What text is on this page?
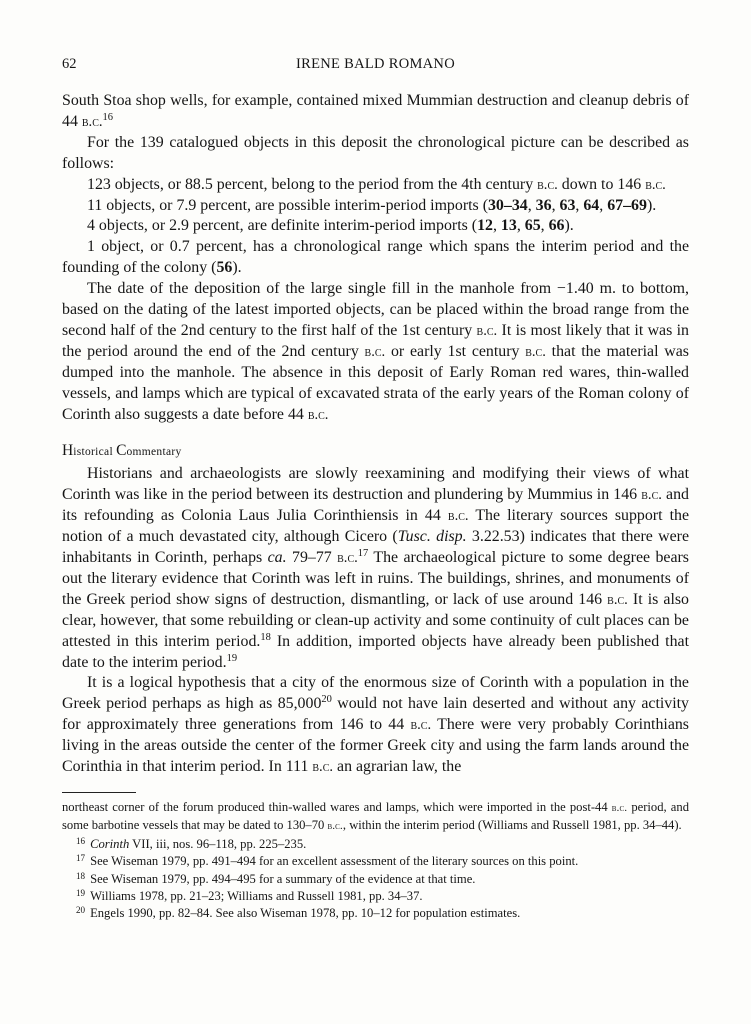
62	IRENE BALD ROMANO

South Stoa shop wells, for example, contained mixed Mummian destruction and cleanup debris of 44 b.c.$^{16}$

For the 139 catalogued objects in this deposit the chronological picture can be described as follows:

123 objects, or 88.5 percent, belong to the period from the 4th century b.c. down to 146 b.c.

11 objects, or 7.9 percent, are possible interim-period imports (30–34, 36, 63, 64, 67–69).

4 objects, or 2.9 percent, are definite interim-period imports (12, 13, 65, 66).

1 object, or 0.7 percent, has a chronological range which spans the interim period and the founding of the colony (56).

The date of the deposition of the large single fill in the manhole from −1.40 m. to bottom, based on the dating of the latest imported objects, can be placed within the broad range from the second half of the 2nd century to the first half of the 1st century b.c. It is most likely that it was in the period around the end of the 2nd century b.c. or early 1st century b.c. that the material was dumped into the manhole. The absence in this deposit of Early Roman red wares, thin-walled vessels, and lamps which are typical of excavated strata of the early years of the Roman colony of Corinth also suggests a date before 44 b.c.

Historical Commentary

Historians and archaeologists are slowly reexamining and modifying their views of what Corinth was like in the period between its destruction and plundering by Mummius in 146 b.c. and its refounding as Colonia Laus Julia Corinthiensis in 44 b.c. The literary sources support the notion of a much devastated city, although Cicero (Tusc. disp. 3.22.53) indicates that there were inhabitants in Corinth, perhaps ca. 79–77 b.c.$^{17}$ The archaeological picture to some degree bears out the literary evidence that Corinth was left in ruins. The buildings, shrines, and monuments of the Greek period show signs of destruction, dismantling, or lack of use around 146 b.c. It is also clear, however, that some rebuilding or clean-up activity and some continuity of cult places can be attested in this interim period.$^{18}$ In addition, imported objects have already been published that date to the interim period.$^{19}$

It is a logical hypothesis that a city of the enormous size of Corinth with a population in the Greek period perhaps as high as 85,000$^{20}$ would not have lain deserted and without any activity for approximately three generations from 146 to 44 b.c. There were very probably Corinthians living in the areas outside the center of the former Greek city and using the farm lands around the Corinthia in that interim period. In 111 b.c. an agrarian law, the

northeast corner of the forum produced thin-walled wares and lamps, which were imported in the post-44 b.c. period, and some barbotine vessels that may be dated to 130–70 b.c., within the interim period (Williams and Russell 1981, pp. 34–44).

$^{16}$ Corinth VII, iii, nos. 96–118, pp. 225–235.

$^{17}$ See Wiseman 1979, pp. 491–494 for an excellent assessment of the literary sources on this point.

$^{18}$ See Wiseman 1979, pp. 494–495 for a summary of the evidence at that time.

$^{19}$ Williams 1978, pp. 21–23; Williams and Russell 1981, pp. 34–37.

$^{20}$ Engels 1990, pp. 82–84. See also Wiseman 1978, pp. 10–12 for population estimates.
